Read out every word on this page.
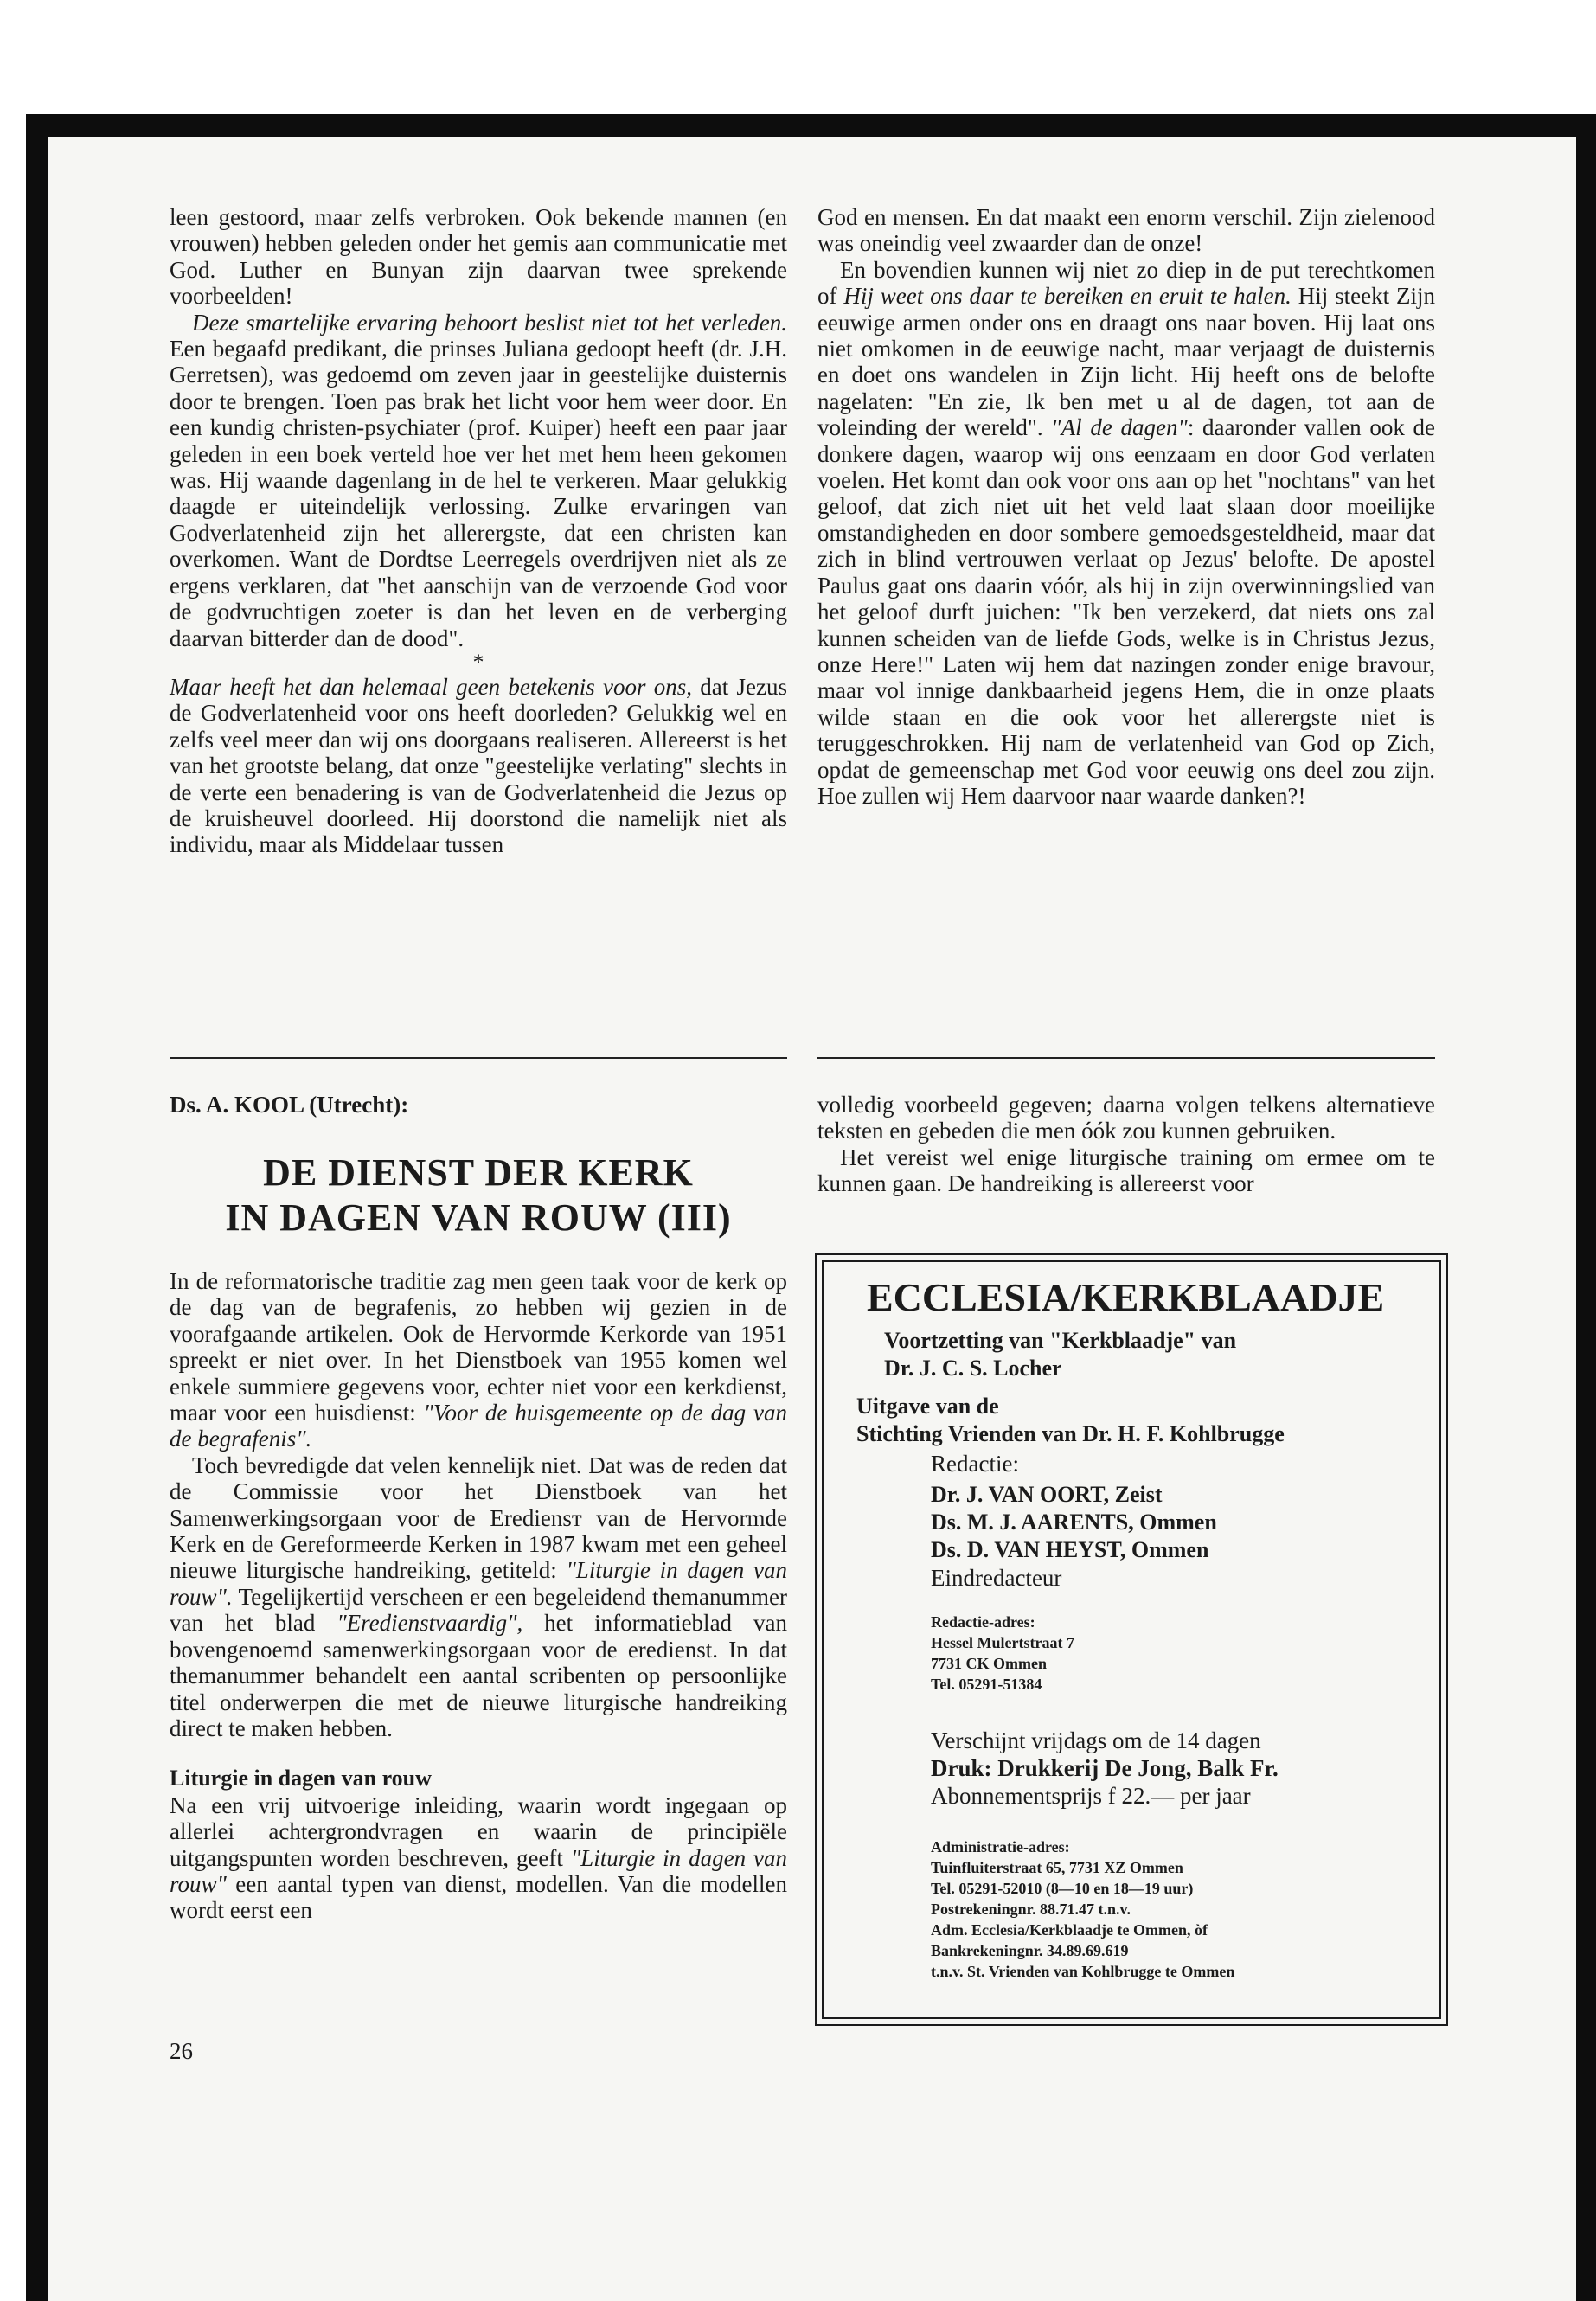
leen gestoord, maar zelfs verbroken. Ook bekende mannen (en vrouwen) hebben geleden onder het gemis aan communicatie met God. Luther en Bunyan zijn daarvan twee sprekende voorbeelden!

Deze smartelijke ervaring behoort beslist niet tot het verleden. Een begaafd predikant, die prinses Juliana gedoopt heeft (dr. J.H. Gerretsen), was gedoemd om zeven jaar in geestelijke duisternis door te brengen. Toen pas brak het licht voor hem weer door. En een kundig christen-psychiater (prof. Kuiper) heeft een paar jaar geleden in een boek verteld hoe ver het met hem heen gekomen was. Hij waande dagenlang in de hel te verkeren. Maar gelukkig daagde er uiteindelijk verlossing. Zulke ervaringen van Godverlatenheid zijn het allerergste, dat een christen kan overkomen. Want de Dordtse Leerregels overdrijven niet als ze ergens verklaren, dat "het aanschijn van de verzoende God voor de godvruchtigen zoeter is dan het leven en de verberging daarvan bitterder dan de dood".

*

Maar heeft het dan helemaal geen betekenis voor ons, dat Jezus de Godverlatenheid voor ons heeft doorleden? Gelukkig wel en zelfs veel meer dan wij ons doorgaans realiseren. Allereerst is het van het grootste belang, dat onze "geestelijke verlating" slechts in de verte een benadering is van de Godverlatenheid die Jezus op de kruisheuvel doorleed. Hij doorstond die namelijk niet als individu, maar als Middelaar tussen

God en mensen. En dat maakt een enorm verschil. Zijn zielenood was oneindig veel zwaarder dan de onze!

En bovendien kunnen wij niet zo diep in de put terechtkomen of Hij weet ons daar te bereiken en eruit te halen. Hij steekt Zijn eeuwige armen onder ons en draagt ons naar boven. Hij laat ons niet omkomen in de eeuwige nacht, maar verjaagt de duisternis en doet ons wandelen in Zijn licht. Hij heeft ons de belofte nagelaten: "En zie, Ik ben met u al de dagen, tot aan de voleinding der wereld". "Al de dagen": daaronder vallen ook de donkere dagen, waarop wij ons eenzaam en door God verlaten voelen. Het komt dan ook voor ons aan op het "nochtans" van het geloof, dat zich niet uit het veld laat slaan door moeilijke omstandigheden en door sombere gemoedsgesteldheid, maar dat zich in blind vertrouwen verlaat op Jezus' belofte. De apostel Paulus gaat ons daarin vóór, als hij in zijn overwinningslied van het geloof durft juichen: "Ik ben verzekerd, dat niets ons zal kunnen scheiden van de liefde Gods, welke is in Christus Jezus, onze Here!" Laten wij hem dat nazingen zonder enige bravour, maar vol innige dankbaarheid jegens Hem, die in onze plaats wilde staan en die ook voor het allerergste niet is teruggeschrokken. Hij nam de verlatenheid van God op Zich, opdat de gemeenschap met God voor eeuwig ons deel zou zijn. Hoe zullen wij Hem daarvoor naar waarde danken?!

Ds. A. KOOL (Utrecht):
DE DIENST DER KERK
IN DAGEN VAN ROUW (III)

In de reformatorische traditie zag men geen taak voor de kerk op de dag van de begrafenis, zo hebben wij gezien in de voorafgaande artikelen. Ook de Hervormde Kerkorde van 1951 spreekt er niet over. In het Dienstboek van 1955 komen wel enkele summiere gegevens voor, echter niet voor een kerkdienst, maar voor een huisdienst: "Voor de huisgemeente op de dag van de begrafenis".

Toch bevredigde dat velen kennelijk niet. Dat was de reden dat de Commissie voor het Dienstboek van het Samenwerkingsorgaan voor de Erediensт van de Hervormde Kerk en de Gereformeerde Kerken in 1987 kwam met een geheel nieuwe liturgische handreiking, getiteld: "Liturgie in dagen van rouw". Tegelijkertijd verscheen er een begeleidend themanummer van het blad "Eredienstvaardig", het informatieblad van bovengenoemd samenwerkingsorgaan voor de eredienst. In dat themanummer behandelt een aantal scribenten op persoonlijke titel onderwerpen die met de nieuwe liturgische handreiking direct te maken hebben.

Liturgie in dagen van rouw

Na een vrij uitvoerige inleiding, waarin wordt ingegaan op allerlei achtergrondvragen en waarin de principiële uitgangspunten worden beschreven, geeft "Liturgie in dagen van rouw" een aantal typen van dienst, modellen. Van die modellen wordt eerst een

26

volledig voorbeeld gegeven; daarna volgen telkens alternatieve teksten en gebeden die men óók zou kunnen gebruiken.

Het vereist wel enige liturgische training om ermee om te kunnen gaan. De handreiking is allereerst voor

ECCLESIA/KERKBLAADJE
Voortzetting van "Kerkblaadje" van
Dr. J. C. S. Locher
Uitgave van de
Stichting Vrienden van Dr. H. F. Kohlbrugge
Redactie:
Dr. J. VAN OORT, Zeist
Ds. M. J. AARENTS, Ommen
Ds. D. VAN HEYST, Ommen
Eindredacteur
Redactie-adres:
Hessel Mulertstraat 7
7731 CK Ommen
Tel. 05291-51384
Verschijnt vrijdags om de 14 dagen
Druk: Drukkerij De Jong, Balk Fr.
Abonnementsprijs f 22.— per jaar
Administratie-adres:
Tuinfluiterstraat 65, 7731 XZ Ommen
Tel. 05291-52010 (8—10 en 18—19 uur)
Postrekeningnr. 88.71.47 t.n.v.
Adm. Ecclesia/Kerkblaadje te Ommen, òf
Bankrekeningnr. 34.89.69.619
t.n.v. St. Vrienden van Kohlbrugge te Ommen
